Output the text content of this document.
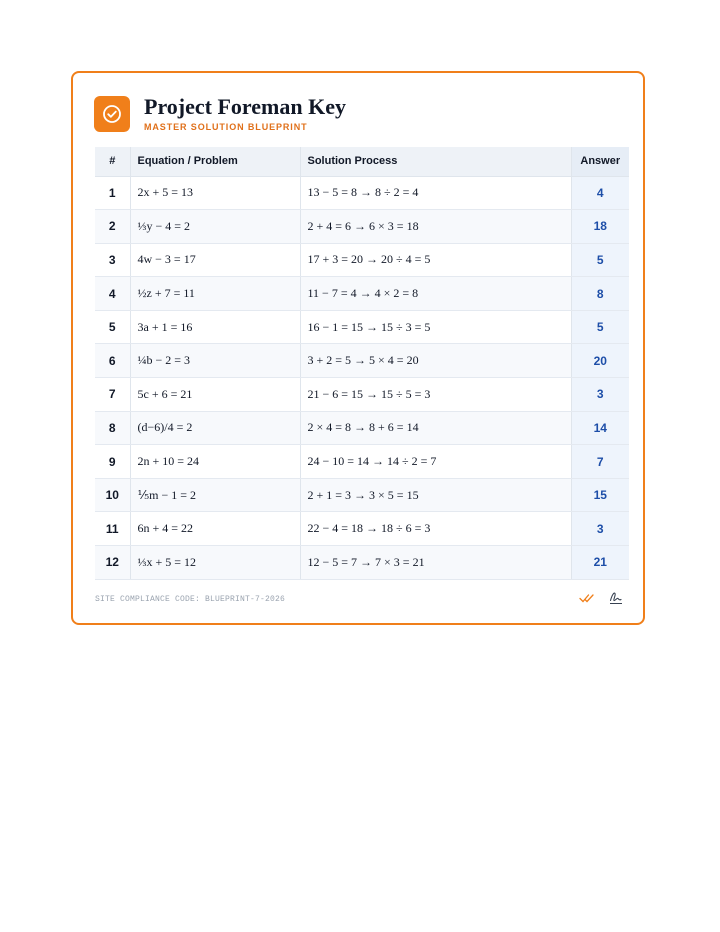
Project Foreman Key
MASTER SOLUTION BLUEPRINT
#	Equation / Problem	Solution Process	Answer
1	2x + 5 = 13	13 − 5 = 8 → 8 ÷ 2 = 4	4
2	⅓y − 4 = 2	2 + 4 = 6 → 6 × 3 = 18	18
3	4w − 3 = 17	17 + 3 = 20 → 20 ÷ 4 = 5	5
4	½z + 7 = 11	11 − 7 = 4 → 4 × 2 = 8	8
5	3a + 1 = 16	16 − 1 = 15 → 15 ÷ 3 = 5	5
6	¼b − 2 = 3	3 + 2 = 5 → 5 × 4 = 20	20
7	5c + 6 = 21	21 − 6 = 15 → 15 ÷ 5 = 3	3
8	(d−6)/4 = 2	2 × 4 = 8 → 8 + 6 = 14	14
9	2n + 10 = 24	24 − 10 = 14 → 14 ÷ 2 = 7	7
10	⅕m − 1 = 2	2 + 1 = 3 → 3 × 5 = 15	15
11	6n + 4 = 22	22 − 4 = 18 → 18 ÷ 6 = 3	3
12	⅓x + 5 = 12	12 − 5 = 7 → 7 × 3 = 21	21
SITE COMPLIANCE CODE: BLUEPRINT-7-2026
